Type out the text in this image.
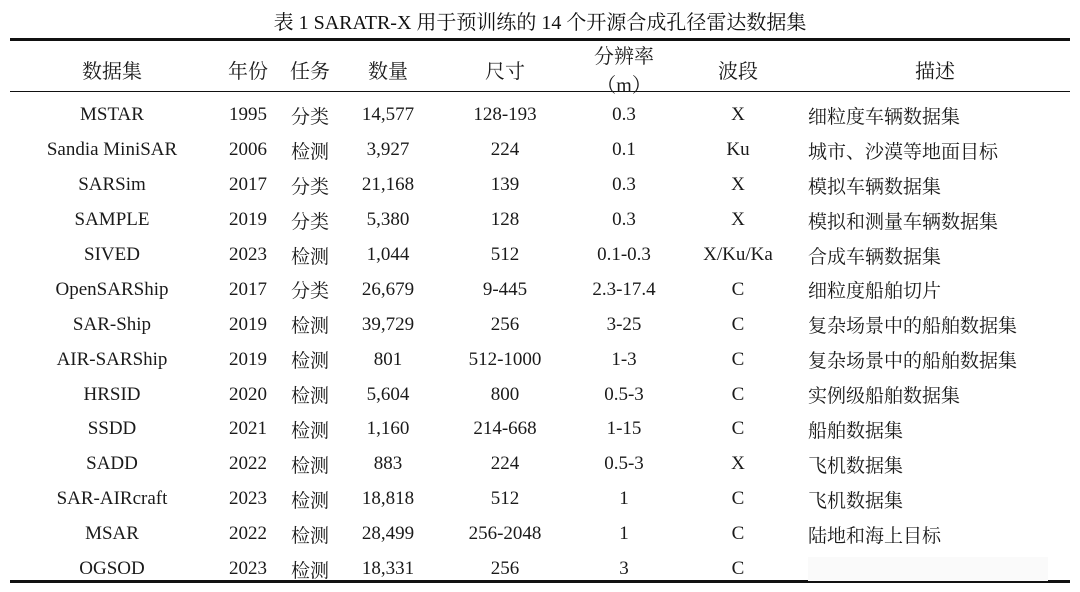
表 1 SARATR-X 用于预训练的 14 个开源合成孔径雷达数据集
数据集	年份	任务	数量	尺寸	分辨率（m）	波段	描述
MSTAR	1995	分类	14,577	128-193	0.3	X	细粒度车辆数据集
Sandia MiniSAR	2006	检测	3,927	224	0.1	Ku	城市、沙漠等地面目标
SARSim	2017	分类	21,168	139	0.3	X	模拟车辆数据集
SAMPLE	2019	分类	5,380	128	0.3	X	模拟和测量车辆数据集
SIVED	2023	检测	1,044	512	0.1-0.3	X/Ku/Ka	合成车辆数据集
OpenSARShip	2017	分类	26,679	9-445	2.3-17.4	C	细粒度船舶切片
SAR-Ship	2019	检测	39,729	256	3-25	C	复杂场景中的船舶数据集
AIR-SARShip	2019	检测	801	512-1000	1-3	C	复杂场景中的船舶数据集
HRSID	2020	检测	5,604	800	0.5-3	C	实例级船舶数据集
SSDD	2021	检测	1,160	214-668	1-15	C	船舶数据集
SADD	2022	检测	883	224	0.5-3	X	飞机数据集
SAR-AIRcraft	2023	检测	18,818	512	1	C	飞机数据集
MSAR	2022	检测	28,499	256-2048	1	C	陆地和海上目标
OGSOD	2023	检测	18,331	256	3	C	
